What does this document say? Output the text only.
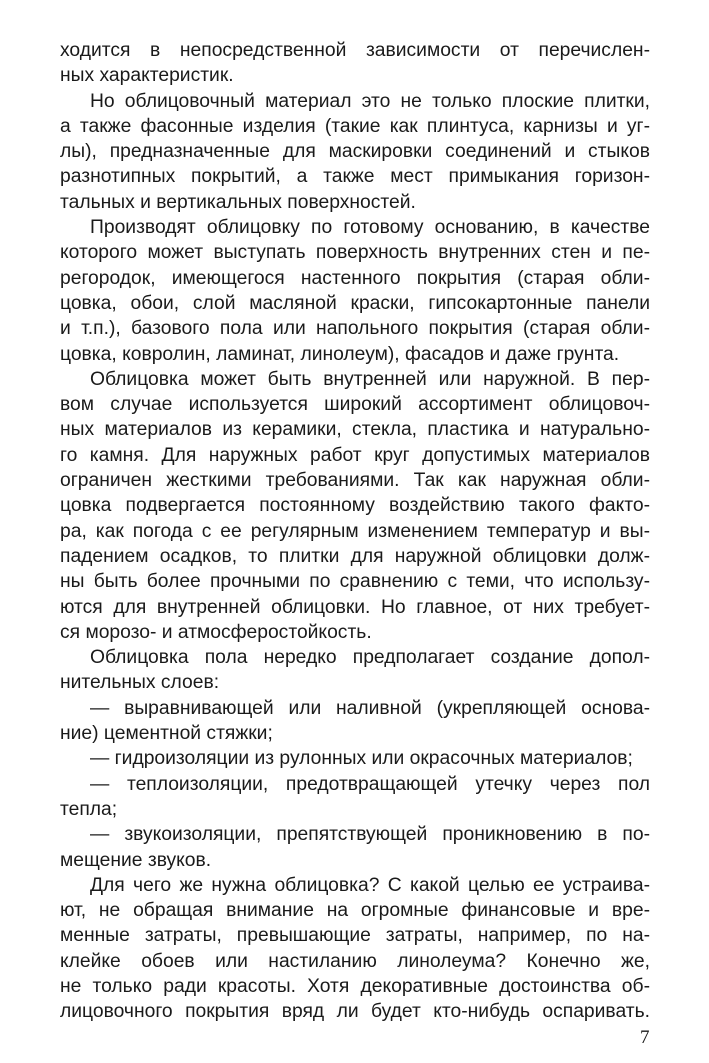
ходится в непосредственной зависимости от перечислен-
ных характеристик.
Но облицовочный материал это не только плоские плитки,
а также фасонные изделия (такие как плинтуса, карнизы и уг-
лы), предназначенные для маскировки соединений и стыков
разнотипных покрытий, а также мест примыкания горизон-
тальных и вертикальных поверхностей.
Производят облицовку по готовому основанию, в качестве
которого может выступать поверхность внутренних стен и пе-
регородок, имеющегося настенного покрытия (старая обли-
цовка, обои, слой масляной краски, гипсокартонные панели
и т.п.), базового пола или напольного покрытия (старая обли-
цовка, ковролин, ламинат, линолеум), фасадов и даже грунта.
Облицовка может быть внутренней или наружной. В пер-
вом случае используется широкий ассортимент облицовоч-
ных материалов из керамики, стекла, пластика и натурально-
го камня. Для наружных работ круг допустимых материалов
ограничен жесткими требованиями. Так как наружная обли-
цовка подвергается постоянному воздействию такого факто-
ра, как погода с ее регулярным изменением температур и вы-
падением осадков, то плитки для наружной облицовки долж-
ны быть более прочными по сравнению с теми, что использу-
ются для внутренней облицовки. Но главное, от них требует-
ся морозо- и атмосферостойкость.
Облицовка пола нередко предполагает создание допол-
нительных слоев:
— выравнивающей или наливной (укрепляющей основа-
ние) цементной стяжки;
— гидроизоляции из рулонных или окрасочных материалов;
— теплоизоляции, предотвращающей утечку через пол
тепла;
— звукоизоляции, препятствующей проникновению в по-
мещение звуков.
Для чего же нужна облицовка? С какой целью ее устраива-
ют, не обращая внимание на огромные финансовые и вре-
менные затраты, превышающие затраты, например, по на-
клейке обоев или настиланию линолеума? Конечно же,
не только ради красоты. Хотя декоративные достоинства об-
лицовочного покрытия вряд ли будет кто-нибудь оспаривать.
7
